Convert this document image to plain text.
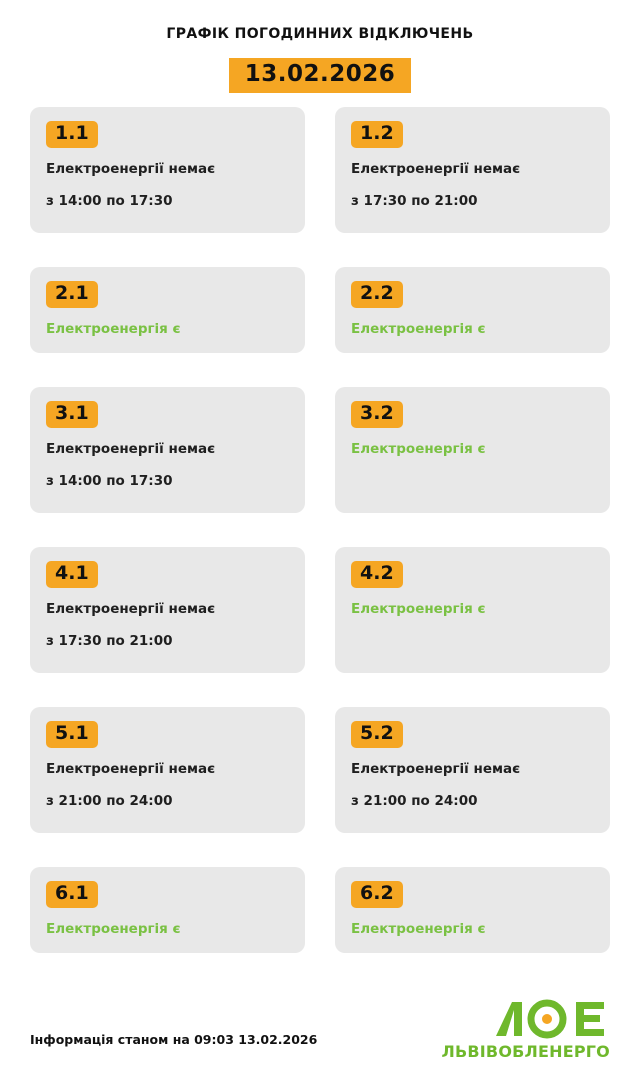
ГРАФІК ПОГОДИННИХ ВІДКЛЮЧЕНЬ
13.02.2026
1.1
Електроенергії немає
з 14:00 по 17:30
1.2
Електроенергії немає
з 17:30 по 21:00
2.1
Електроенергія є
2.2
Електроенергія є
3.1
Електроенергії немає
з 14:00 по 17:30
3.2
Електроенергія є
4.1
Електроенергії немає
з 17:30 по 21:00
4.2
Електроенергія є
5.1
Електроенергії немає
з 21:00 по 24:00
5.2
Електроенергії немає
з 21:00 по 24:00
6.1
Електроенергія є
6.2
Електроенергія є
Інформація станом на 09:03 13.02.2026
ЛЬВІВОБЛЕНЕРГО
